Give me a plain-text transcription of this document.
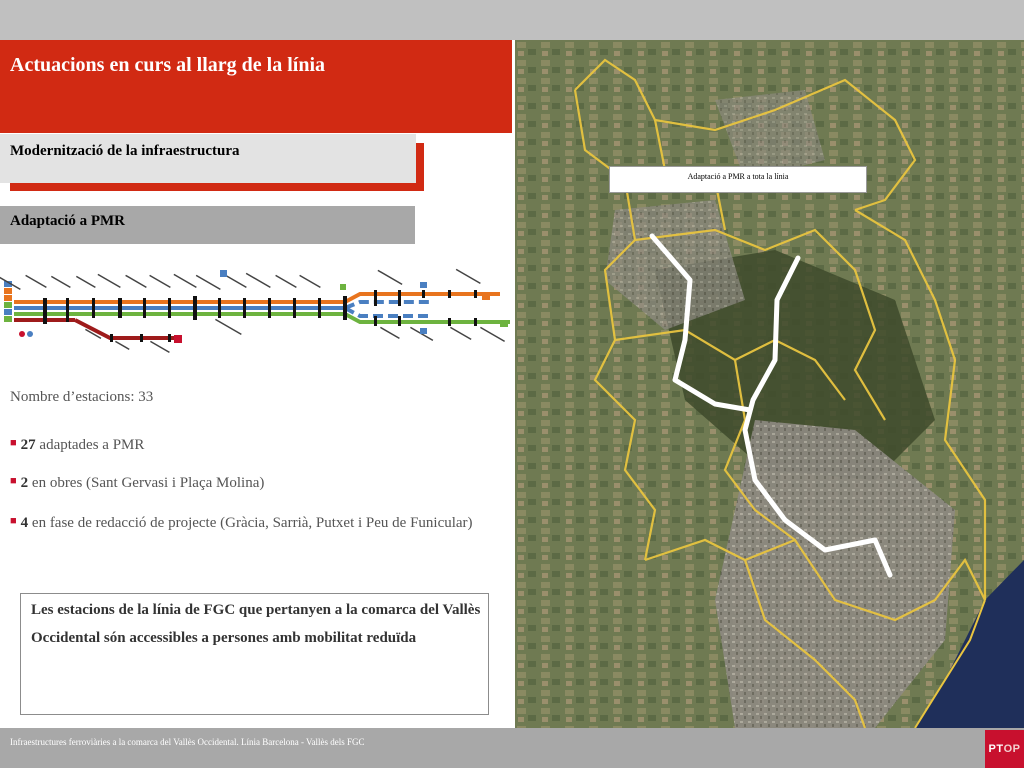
Actuacions en curs al llarg de la línia
Modernització de la infraestructura
Adaptació a PMR
Nombre d’estacions: 33
■ 27 adaptades a PMR
■ 2 en obres (Sant Gervasi i Plaça Molina)
■ 4 en fase de redacció de projecte (Gràcia, Sarrià, Putxet i Peu de Funicular)
Les estacions de la línia de FGC que pertanyen a la comarca del Vallès Occidental són accessibles a persones amb mobilitat reduïda
Adaptació a PMR a tota la línia
Infraestructures ferroviàries a la comarca del Vallès Occidental. Línia Barcelona - Vallès dels FGC
PT OP
